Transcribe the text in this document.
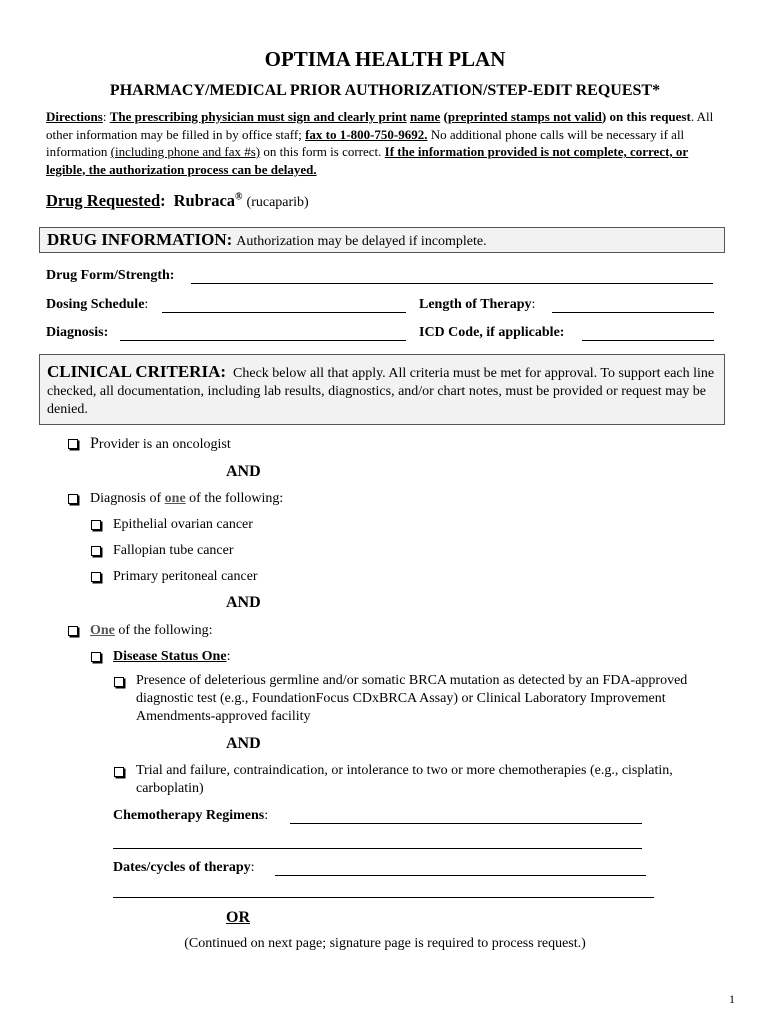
OPTIMA HEALTH PLAN
PHARMACY/MEDICAL PRIOR AUTHORIZATION/STEP-EDIT REQUEST*
Directions: The prescribing physician must sign and clearly print name (preprinted stamps not valid) on this request. All other information may be filled in by office staff; fax to 1-800-750-9692. No additional phone calls will be necessary if all information (including phone and fax #s) on this form is correct. If the information provided is not complete, correct, or legible, the authorization process can be delayed.
Drug Requested: Rubraca® (rucaparib)
DRUG INFORMATION: Authorization may be delayed if incomplete.
Drug Form/Strength:
Dosing Schedule:	Length of Therapy:
Diagnosis:	ICD Code, if applicable:
CLINICAL CRITERIA: Check below all that apply. All criteria must be met for approval. To support each line checked, all documentation, including lab results, diagnostics, and/or chart notes, must be provided or request may be denied.
Provider is an oncologist
AND
Diagnosis of one of the following:
Epithelial ovarian cancer
Fallopian tube cancer
Primary peritoneal cancer
AND
One of the following:
Disease Status One:
Presence of deleterious germline and/or somatic BRCA mutation as detected by an FDA-approved diagnostic test (e.g., FoundationFocus CDxBRCA Assay) or Clinical Laboratory Improvement Amendments-approved facility
AND
Trial and failure, contraindication, or intolerance to two or more chemotherapies (e.g., cisplatin, carboplatin)
Chemotherapy Regimens:
Dates/cycles of therapy:
OR
(Continued on next page; signature page is required to process request.)
1
